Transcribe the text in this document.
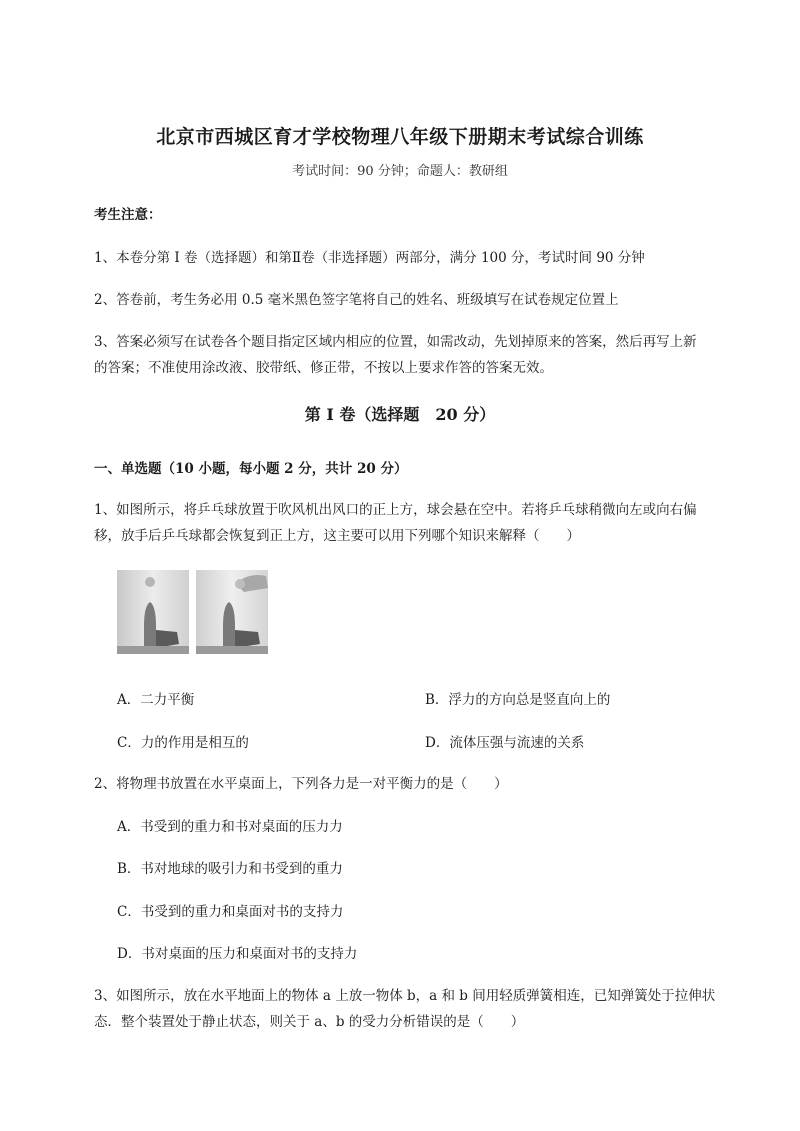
北京市西城区育才学校物理八年级下册期末考试综合训练
考试时间：90 分钟；命题人：教研组
考生注意：
1、本卷分第 I 卷（选择题）和第Ⅱ卷（非选择题）两部分，满分 100 分，考试时间 90 分钟
2、答卷前，考生务必用 0.5 毫米黑色签字笔将自己的姓名、班级填写在试卷规定位置上
3、答案必须写在试卷各个题目指定区域内相应的位置，如需改动，先划掉原来的答案，然后再写上新
的答案；不准使用涂改液、胶带纸、修正带，不按以上要求作答的答案无效。
第 I 卷（选择题　20 分）
一、单选题（10 小题，每小题 2 分，共计 20 分）
1、如图所示，将乒乓球放置于吹风机出风口的正上方，球会悬在空中。若将乒乓球稍微向左或向右偏
移，放手后乒乓球都会恢复到正上方，这主要可以用下列哪个知识来解释（　　）
A．二力平衡	B．浮力的方向总是竖直向上的
C．力的作用是相互的	D．流体压强与流速的关系
2、将物理书放置在水平桌面上，下列各力是一对平衡力的是（　　）
A．书受到的重力和书对桌面的压力力
B．书对地球的吸引力和书受到的重力
C．书受到的重力和桌面对书的支持力
D．书对桌面的压力和桌面对书的支持力
3、如图所示，放在水平地面上的物体 a 上放一物体 b，a 和 b 间用轻质弹簧相连，已知弹簧处于拉伸状
态．整个装置处于静止状态，则关于 a、b 的受力分析错误的是（　　）
